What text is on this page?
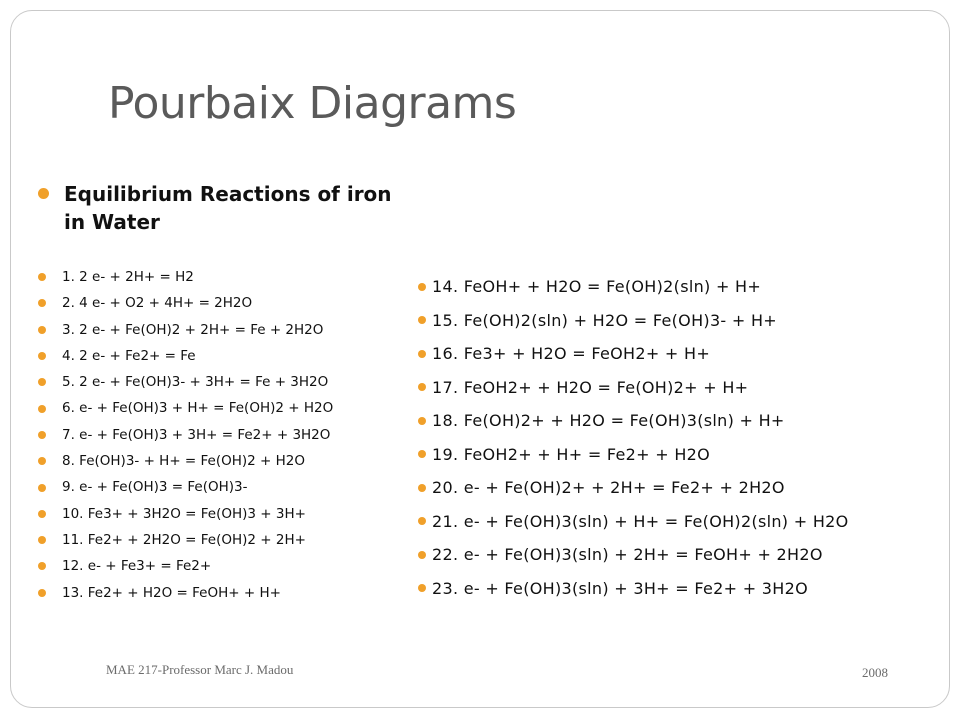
Pourbaix Diagrams
Equilibrium Reactions of iron in Water
1. 2 e- + 2H+ = H2
2. 4 e- + O2 + 4H+ = 2H2O
3. 2 e- + Fe(OH)2 + 2H+ = Fe + 2H2O
4. 2 e- + Fe2+ = Fe
5. 2 e- + Fe(OH)3- + 3H+ = Fe + 3H2O
6. e- + Fe(OH)3 + H+ = Fe(OH)2 + H2O
7. e- + Fe(OH)3 + 3H+ = Fe2+ + 3H2O
8. Fe(OH)3- + H+ = Fe(OH)2 + H2O
9. e- + Fe(OH)3 = Fe(OH)3-
10. Fe3+ + 3H2O = Fe(OH)3 + 3H+
11. Fe2+ + 2H2O = Fe(OH)2 + 2H+
12. e- + Fe3+ = Fe2+
13. Fe2+ + H2O = FeOH+ + H+
14. FeOH+ + H2O = Fe(OH)2(sln) + H+
15. Fe(OH)2(sln) + H2O = Fe(OH)3- + H+
16. Fe3+ + H2O = FeOH2+ + H+
17. FeOH2+ + H2O = Fe(OH)2+ + H+
18. Fe(OH)2+ + H2O = Fe(OH)3(sln) + H+
19. FeOH2+ + H+ = Fe2+ + H2O
20. e- + Fe(OH)2+ + 2H+ = Fe2+ + 2H2O
21. e- + Fe(OH)3(sln) + H+ = Fe(OH)2(sln) + H2O
22. e- + Fe(OH)3(sln) + 2H+ = FeOH+ + 2H2O
23. e- + Fe(OH)3(sln) + 3H+ = Fe2+ + 3H2O
MAE 217-Professor Marc J. Madou	2008
